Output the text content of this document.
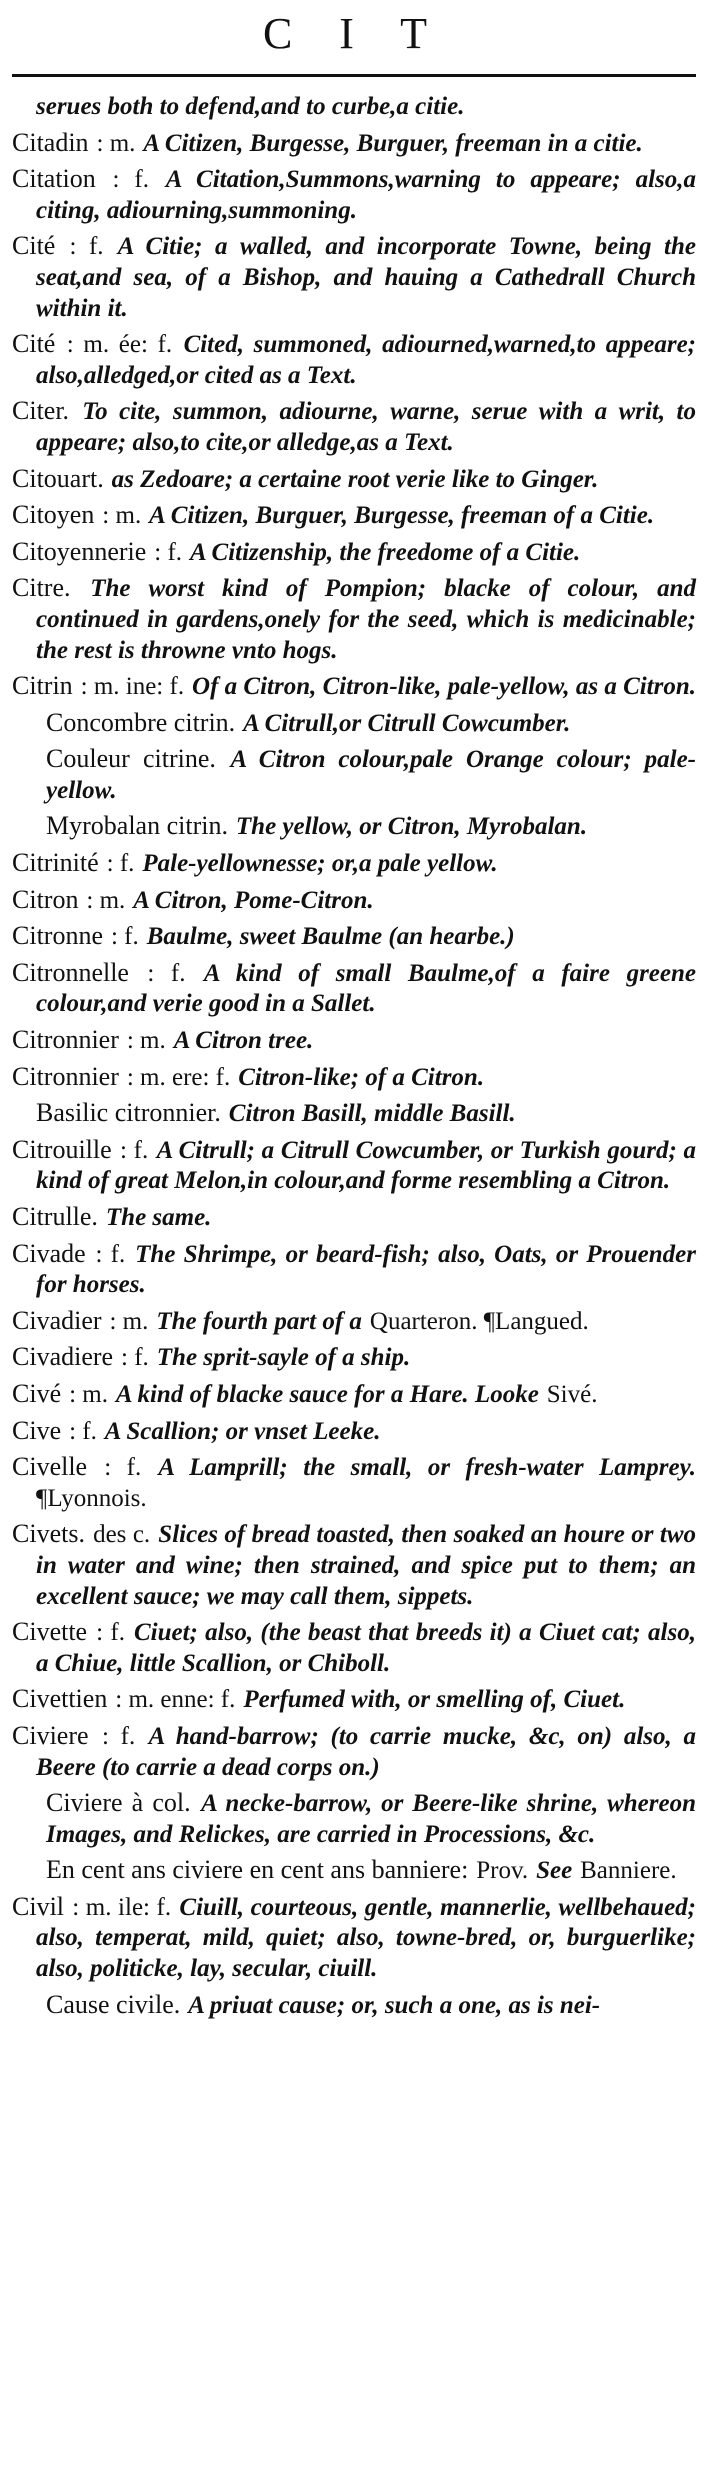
C I T
serues both to defend,and to curbe,a citie.
Citadin : m. A Citizen, Burgesse, Burguer, freeman in a citie.
Citation : f. A Citation,Summons,warning to appeare; also,a citing, adiourning,summoning.
Cité : f. A Citie; a walled, and incorporate Towne, being the seat,and sea, of a Bishop, and hauing a Cathedrall Church within it.
Cité : m. ée: f. Cited, summoned, adiourned,warned,to appeare; also,alledged,or cited as a Text.
Citer. To cite, summon, adiourne, warne, serue with a writ, to appeare; also,to cite,or alledge,as a Text.
Citouart. as Zedoare; a certaine root verie like to Ginger.
Citoyen : m. A Citizen, Burguer, Burgesse, freeman of a Citie.
Citoyennerie : f. A Citizenship, the freedome of a Citie.
Citre. The worst kind of Pompion; blacke of colour, and continued in gardens,onely for the seed, which is medicinable; the rest is throwne vnto hogs.
Citrin : m. ine: f. Of a Citron, Citron-like, pale-yellow, as a Citron.
Concombre citrin. A Citrull,or Citrull Cowcumber.
Couleur citrine. A Citron colour,pale Orange colour; pale-yellow.
Myrobalan citrin. The yellow, or Citron, Myrobalan.
Citrinité : f. Pale-yellownesse; or,a pale yellow.
Citron : m. A Citron, Pome-Citron.
Citronne : f. Baulme, sweet Baulme (an hearbe.)
Citronnelle : f. A kind of small Baulme,of a faire greene colour,and verie good in a Sallet.
Citronnier : m. A Citron tree.
Citronnier : m. ere: f. Citron-like; of a Citron.
Basilic citronnier. Citron Basill, middle Basill.
Citrouille : f. A Citrull; a Citrull Cowcumber, or Turkish gourd; a kind of great Melon,in colour,and forme resembling a Citron.
Citrulle. The same.
Civade : f. The Shrimpe, or beard-fish; also, Oats, or Prouender for horses.
Civadier : m. The fourth part of a Quarteron. ¶Langued.
Civadiere : f. The sprit-sayle of a ship.
Civé : m. A kind of blacke sauce for a Hare. Looke Sivé.
Cive : f. A Scallion; or vnset Leeke.
Civelle : f. A Lamprill; the small, or fresh-water Lamprey. ¶Lyonnois.
Civets. des c. Slices of bread toasted, then soaked an houre or two in water and wine; then strained, and spice put to them; an excellent sauce; we may call them, sippets.
Civette : f. Ciuet; also, (the beast that breeds it) a Ciuet cat; also, a Chiue, little Scallion, or Chiboll.
Civettien : m. enne: f. Perfumed with, or smelling of, Ciuet.
Civiere : f. A hand-barrow; (to carrie mucke, &c, on) also, a Beere (to carrie a dead corps on.)
Civiere à col. A necke-barrow, or Beere-like shrine, whereon Images, and Relickes, are carried in Processions, &c.
En cent ans civiere en cent ans banniere: Prov. See Banniere.
Civil : m. ile: f. Ciuill, courteous, gentle, mannerlie, wellbehaued; also, temperat, mild, quiet; also, towne-bred, or, burguerlike; also, politicke, lay, secular, ciuill.
Cause civile. A priuat cause; or, such a one, as is nei-
